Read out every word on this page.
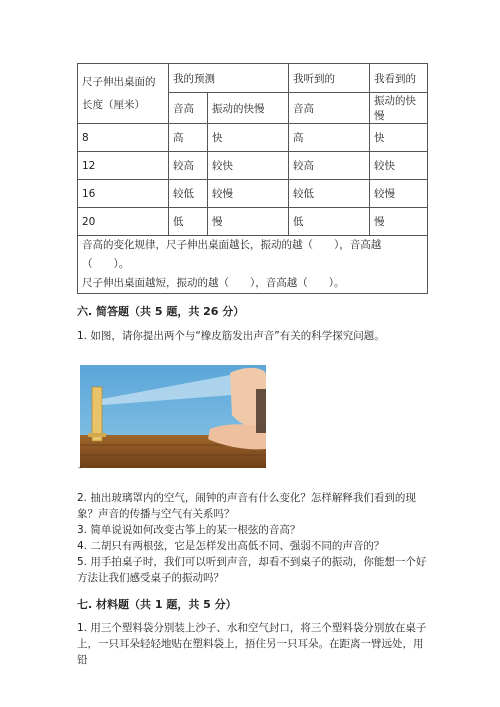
尺子伸出桌面的
长度（厘米）	我的预测		我听到的	我看到的
	音高	振动的快慢	音高	振动的快慢
8	高	快	高	快
12	较高	较快	较高	较快
16	较低	较慢	较低	较慢
20	低	慢	低	慢

音高的变化规律，尺子伸出桌面越长，振动的越（　　），音高越（　　）。
尺子伸出桌面越短，振动的越（　　），音高越（　　）。				
六. 简答题（共 5 题，共 26 分）

1. 如图，请你提出两个与“橡皮筋发出声音”有关的科学探究问题。

–

2. 抽出玻璃罩内的空气，闹钟的声音有什么变化？怎样解释我们看到的现象？声音的传播与空气有关系吗？

3. 简单说说如何改变古筝上的某一根弦的音高？

4. 二胡只有两根弦，它是怎样发出高低不同、强弱不同的声音的？

5. 用手拍桌子时，我们可以听到声音，却看不到桌子的振动，你能想一个好方法让我们感受桌子的振动吗？

七. 材料题（共 1 题，共 5 分）

1. 用三个塑料袋分别装上沙子、水和空气封口，将三个塑料袋分别放在桌子上，一只耳朵轻轻地贴在塑料袋上，捂住另一只耳朵。在距离一臂远处，用铅
